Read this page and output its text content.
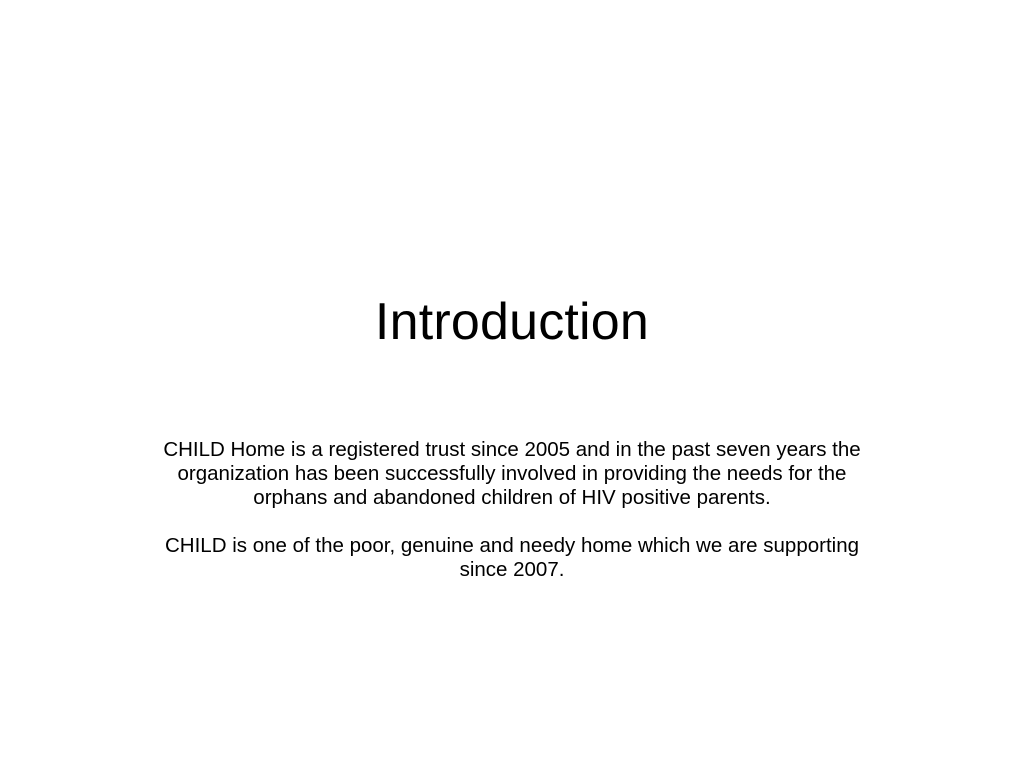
Introduction

CHILD Home is a registered trust since 2005 and in the past seven years the organization has been successfully involved in providing the needs for the orphans and abandoned children of HIV positive parents.

CHILD is one of the poor, genuine and needy home which we are supporting since 2007.
